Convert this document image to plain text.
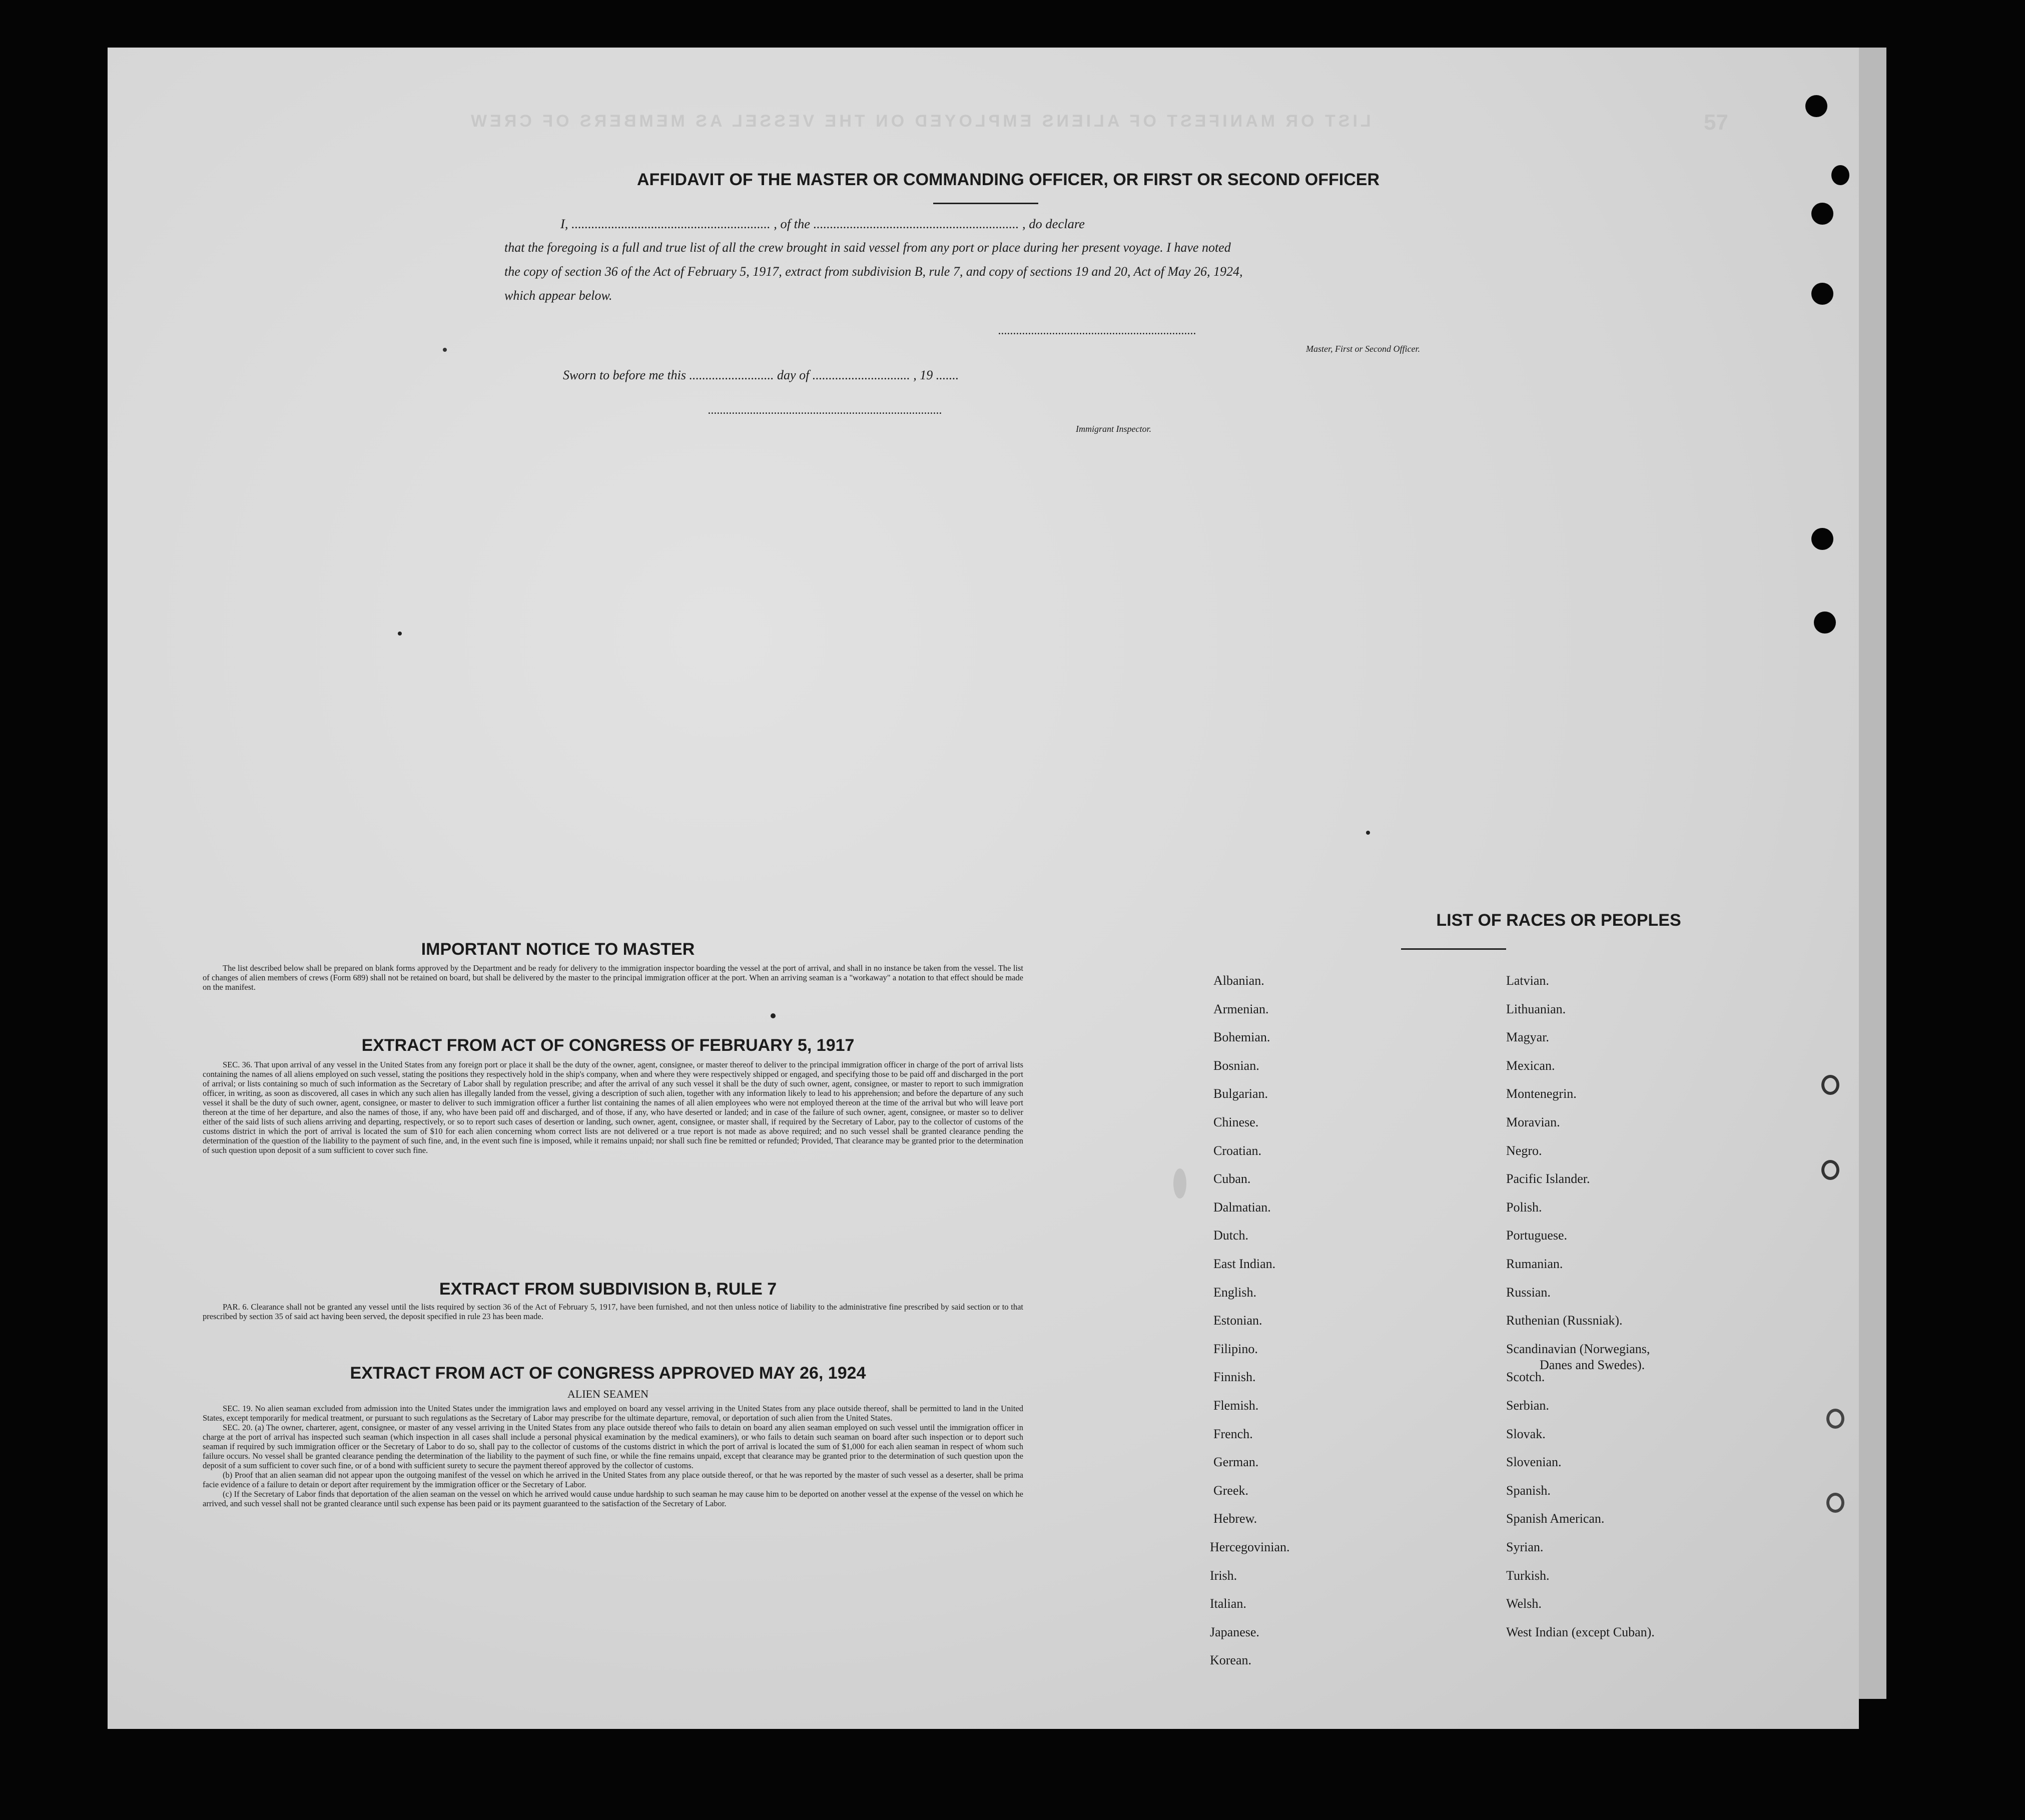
LIST OR MANIFEST OF ALIENS EMPLOYED ON THE VESSEL AS MEMBERS OF CREW	57
AFFIDAVIT OF THE MASTER OR COMMANDING OFFICER, OR FIRST OR SECOND OFFICER
I, ............................................................ , of the .............................................................. , do declare
that the foregoing is a full and true list of all the crew brought in said vessel from any port or place during her present voyage. I have noted
the copy of section 36 of the Act of February 5, 1917, extract from subdivision B, rule 7, and copy of sections 19 and 20, Act of May 26, 1924,
which appear below.
..................................................................
Master, First or Second Officer.
Sworn to before me this .......................... day of .............................. , 19 .......
..............................................................................
Immigrant Inspector.
IMPORTANT NOTICE TO MASTER

The list described below shall be prepared on blank forms approved by the Department and be ready for delivery to the immigration inspector boarding the vessel at the port of arrival, and shall in no instance be taken from the vessel. The list of changes of alien members of crews (Form 689) shall not be retained on board, but shall be delivered by the master to the principal immigration officer at the port. When an arriving seaman is a "workaway" a notation to that effect should be made on the manifest.

EXTRACT FROM ACT OF CONGRESS OF FEBRUARY 5, 1917

SEC. 36. That upon arrival of any vessel in the United States from any foreign port or place it shall be the duty of the owner, agent, consignee, or master thereof to deliver to the principal immigration officer in charge of the port of arrival lists containing the names of all aliens employed on such vessel, stating the positions they respectively hold in the ship's company, when and where they were respectively shipped or engaged, and specifying those to be paid off and discharged in the port of arrival; or lists containing so much of such information as the Secretary of Labor shall by regulation prescribe; and after the arrival of any such vessel it shall be the duty of such owner, agent, consignee, or master to report to such immigration officer, in writing, as soon as discovered, all cases in which any such alien has illegally landed from the vessel, giving a description of such alien, together with any information likely to lead to his apprehension; and before the departure of any such vessel it shall be the duty of such owner, agent, consignee, or master to deliver to such immigration officer a further list containing the names of all alien employees who were not employed thereon at the time of the arrival but who will leave port thereon at the time of her departure, and also the names of those, if any, who have been paid off and discharged, and of those, if any, who have deserted or landed; and in case of the failure of such owner, agent, consignee, or master so to deliver either of the said lists of such aliens arriving and departing, respectively, or so to report such cases of desertion or landing, such owner, agent, consignee, or master shall, if required by the Secretary of Labor, pay to the collector of customs of the customs district in which the port of arrival is located the sum of $10 for each alien concerning whom correct lists are not delivered or a true report is not made as above required; and no such vessel shall be granted clearance pending the determination of the question of the liability to the payment of such fine, and, in the event such fine is imposed, while it remains unpaid; nor shall such fine be remitted or refunded; Provided, That clearance may be granted prior to the determination of such question upon deposit of a sum sufficient to cover such fine.

EXTRACT FROM SUBDIVISION B, RULE 7

PAR. 6. Clearance shall not be granted any vessel until the lists required by section 36 of the Act of February 5, 1917, have been furnished, and not then unless notice of liability to the administrative fine prescribed by said section or to that prescribed by section 35 of said act having been served, the deposit specified in rule 23 has been made.

EXTRACT FROM ACT OF CONGRESS APPROVED MAY 26, 1924
ALIEN SEAMEN

SEC. 19. No alien seaman excluded from admission into the United States under the immigration laws and employed on board any vessel arriving in the United States from any place outside thereof, shall be permitted to land in the United States, except temporarily for medical treatment, or pursuant to such regulations as the Secretary of Labor may prescribe for the ultimate departure, removal, or deportation of such alien from the United States.

SEC. 20. (a) The owner, charterer, agent, consignee, or master of any vessel arriving in the United States from any place outside thereof who fails to detain on board any alien seaman employed on such vessel until the immigration officer in charge at the port of arrival has inspected such seaman (which inspection in all cases shall include a personal physical examination by the medical examiners), or who fails to detain such seaman on board after such inspection or to deport such seaman if required by such immigration officer or the Secretary of Labor to do so, shall pay to the collector of customs of the customs district in which the port of arrival is located the sum of $1,000 for each alien seaman in respect of whom such failure occurs. No vessel shall be granted clearance pending the determination of the liability to the payment of such fine, or while the fine remains unpaid, except that clearance may be granted prior to the determination of such question upon the deposit of a sum sufficient to cover such fine, or of a bond with sufficient surety to secure the payment thereof approved by the collector of customs.

(b) Proof that an alien seaman did not appear upon the outgoing manifest of the vessel on which he arrived in the United States from any place outside thereof, or that he was reported by the master of such vessel as a deserter, shall be prima facie evidence of a failure to detain or deport after requirement by the immigration officer or the Secretary of Labor.

(c) If the Secretary of Labor finds that deportation of the alien seaman on the vessel on which he arrived would cause undue hardship to such seaman he may cause him to be deported on another vessel at the expense of the vessel on which he arrived, and such vessel shall not be granted clearance until such expense has been paid or its payment guaranteed to the satisfaction of the Secretary of Labor.

LIST OF RACES OR PEOPLES
Albanian.
Armenian.
Bohemian.
Bosnian.
Bulgarian.
Chinese.
Croatian.
Cuban.
Dalmatian.
Dutch.
East Indian.
English.
Estonian.
Filipino.
Finnish.
Flemish.
French.
German.
Greek.
Hebrew.
Hercegovinian.
Irish.
Italian.
Japanese.
Korean.
Latvian.
Lithuanian.
Magyar.
Mexican.
Montenegrin.
Moravian.
Negro.
Pacific Islander.
Polish.
Portuguese.
Rumanian.
Russian.
Ruthenian (Russniak).
Scandinavian (Norwegians,
Danes and Swedes).
Scotch.
Serbian.
Slovak.
Slovenian.
Spanish.
Spanish American.
Syrian.
Turkish.
Welsh.
West Indian (except Cuban).
